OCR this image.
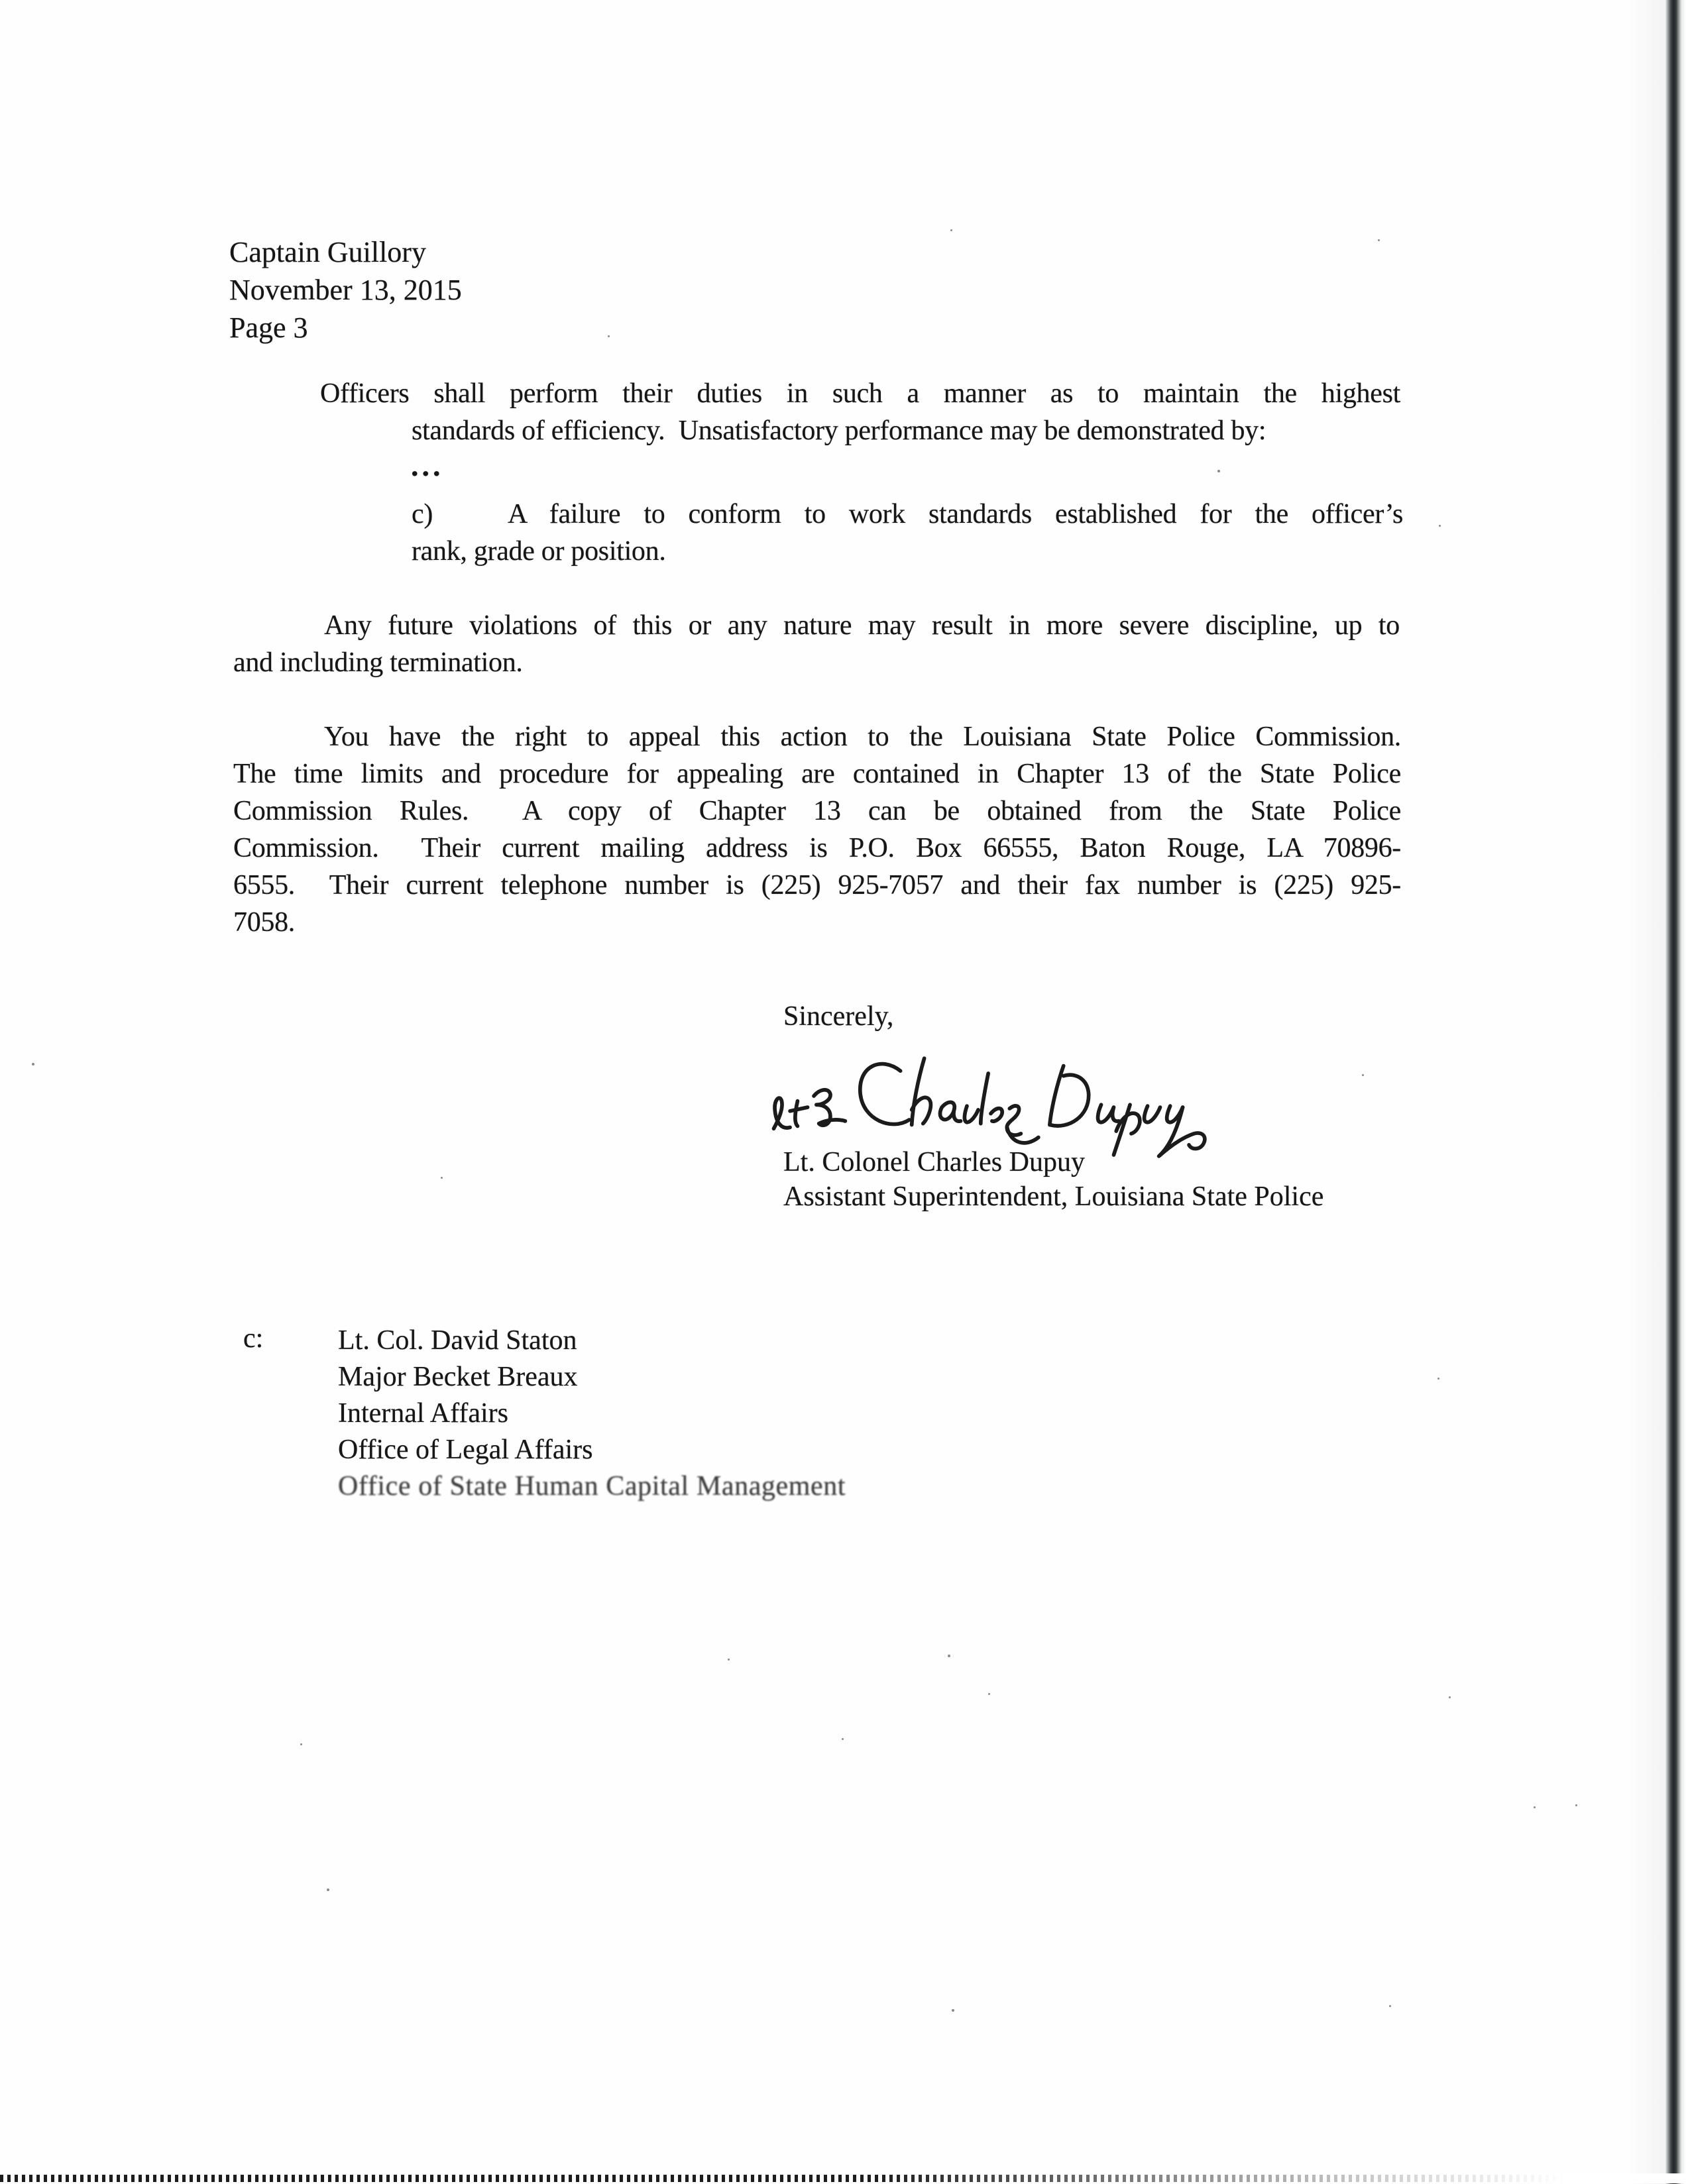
Captain Guillory
November 13, 2015
Page 3
Officers shall perform their duties in such a manner as to maintain the highest
standards of efficiency.  Unsatisfactory performance may be demonstrated by:
...
c)	A failure to conform to work standards established for the officer’s
rank, grade or position.
Any future violations of this or any nature may result in more severe discipline, up to
and including termination.
You have the right to appeal this action to the Louisiana State Police Commission.
The time limits and procedure for appealing are contained in Chapter 13 of the State Police
Commission Rules.  A copy of Chapter 13 can be obtained from the State Police
Commission.  Their current mailing address is P.O. Box 66555, Baton Rouge, LA 70896-
6555.  Their current telephone number is (225) 925-7057 and their fax number is (225) 925-
7058.
Sincerely,
Lt. Colonel Charles Dupuy
Assistant Superintendent, Louisiana State Police
c:	Lt. Col. David Staton
Major Becket Breaux
Internal Affairs
Office of Legal Affairs
Office of State Human Capital Management
